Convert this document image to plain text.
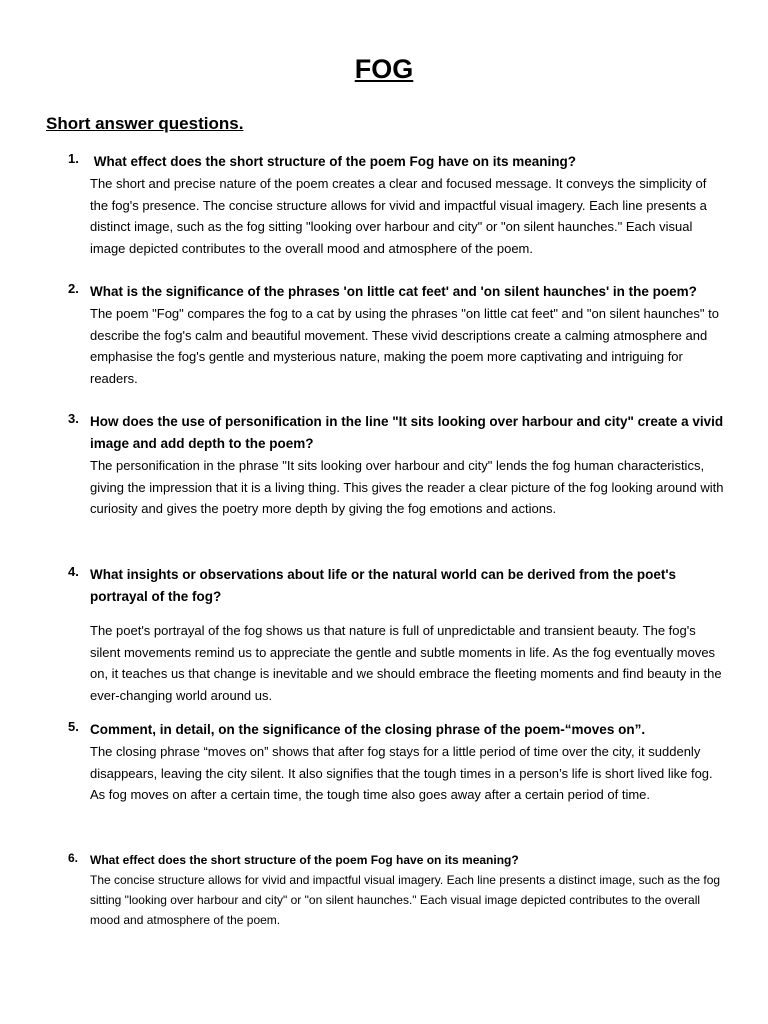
FOG
Short answer questions.
1. What effect does the short structure of the poem Fog have on its meaning?

The short and precise nature of the poem creates a clear and focused message. It conveys the simplicity of the fog's presence. The concise structure allows for vivid and impactful visual imagery. Each line presents a distinct image, such as the fog sitting "looking over harbour and city" or "on silent haunches." Each visual image depicted contributes to the overall mood and atmosphere of the poem.

2. What is the significance of the phrases 'on little cat feet' and 'on silent haunches' in the poem?

The poem "Fog" compares the fog to a cat by using the phrases "on little cat feet" and "on silent haunches" to describe the fog's calm and beautiful movement. These vivid descriptions create a calming atmosphere and emphasise the fog's gentle and mysterious nature, making the poem more captivating and intriguing for readers.

3. How does the use of personification in the line "It sits looking over harbour and city" create a vivid image and add depth to the poem?

The personification in the phrase "It sits looking over harbour and city" lends the fog human characteristics, giving the impression that it is a living thing. This gives the reader a clear picture of the fog looking around with curiosity and gives the poetry more depth by giving the fog emotions and actions.

4. What insights or observations about life or the natural world can be derived from the poet's portrayal of the fog?

The poet's portrayal of the fog shows us that nature is full of unpredictable and transient beauty. The fog's silent movements remind us to appreciate the gentle and subtle moments in life. As the fog eventually moves on, it teaches us that change is inevitable and we should embrace the fleeting moments and find beauty in the ever-changing world around us.

5. Comment, in detail, on the significance of the closing phrase of the poem-“moves on”.

The closing phrase “moves on” shows that after fog stays for a little period of time over the city, it suddenly disappears, leaving the city silent. It also signifies that the tough times in a person’s life is short lived like fog. As fog moves on after a certain time, the tough time also goes away after a certain period of time.

6. What effect does the short structure of the poem Fog have on its meaning?

The concise structure allows for vivid and impactful visual imagery. Each line presents a distinct image, such as the fog sitting "looking over harbour and city" or "on silent haunches." Each visual image depicted contributes to the overall mood and atmosphere of the poem.
